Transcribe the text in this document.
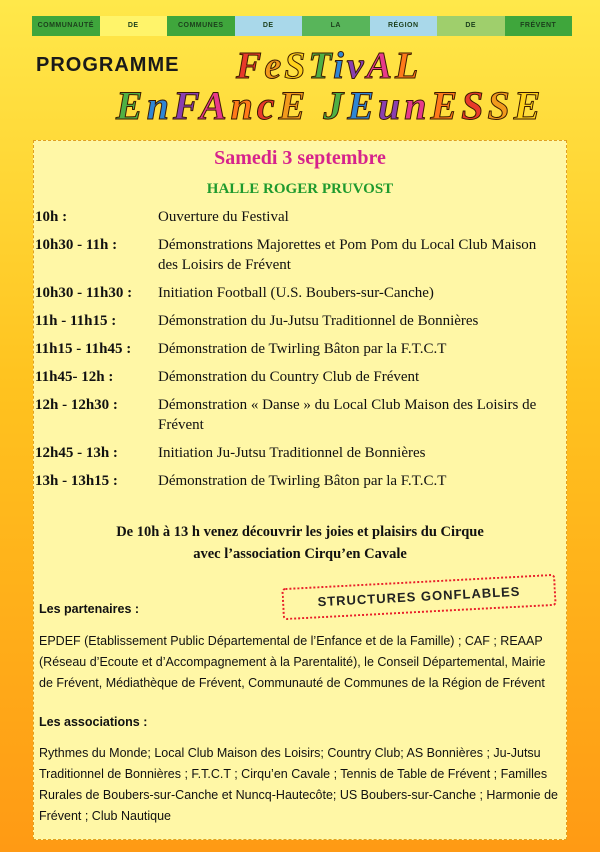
COMMUNAUTÉ	DE	COMMUNES	DE	LA	RÉGION	DE	FRÉVENT
PROGRAMME FeSTivAL
EnFAncE JEunESSE
Samedi 3 septembre
HALLE ROGER PRUVOST
10h :	Ouverture du Festival
10h30 - 11h :	Démonstrations Majorettes et Pom Pom du Local Club Maison des Loisirs de Frévent
10h30 - 11h30 :	Initiation Football (U.S. Boubers-sur-Canche)
11h - 11h15 :	Démonstration du Ju-Jutsu Traditionnel de Bonnières
11h15 - 11h45 :	Démonstration de Twirling Bâton par la F.T.C.T
11h45- 12h :	Démonstration du Country Club de Frévent
12h - 12h30 :	Démonstration « Danse » du Local Club Maison des Loisirs de Frévent
12h45 - 13h :	Initiation Ju-Jutsu Traditionnel de Bonnières
13h - 13h15 :	Démonstration de Twirling Bâton par la F.T.C.T
De 10h à 13 h venez découvrir les joies et plaisirs du Cirque
avec l’association Cirqu’en Cavale
STRUCTURES GONFLABLES
Les partenaires :
EPDEF (Etablissement Public Départemental de l’Enfance et de la Famille) ; CAF ; REAAP (Réseau d’Ecoute et d’Accompagnement à la Parentalité), le Conseil Départemental, Mairie de Frévent, Médiathèque de Frévent, Communauté de Communes de la Région de Frévent
Les associations :
Rythmes du Monde; Local Club Maison des Loisirs; Country Club; AS Bonnières ; Ju-Jutsu Traditionnel de Bonnières ; F.T.C.T ; Cirqu’en Cavale ; Tennis de Table de Frévent ; Familles Rurales de Boubers-sur-Canche et Nuncq-Hautecôte; US Boubers-sur-Canche ; Harmonie de Frévent ; Club Nautique
